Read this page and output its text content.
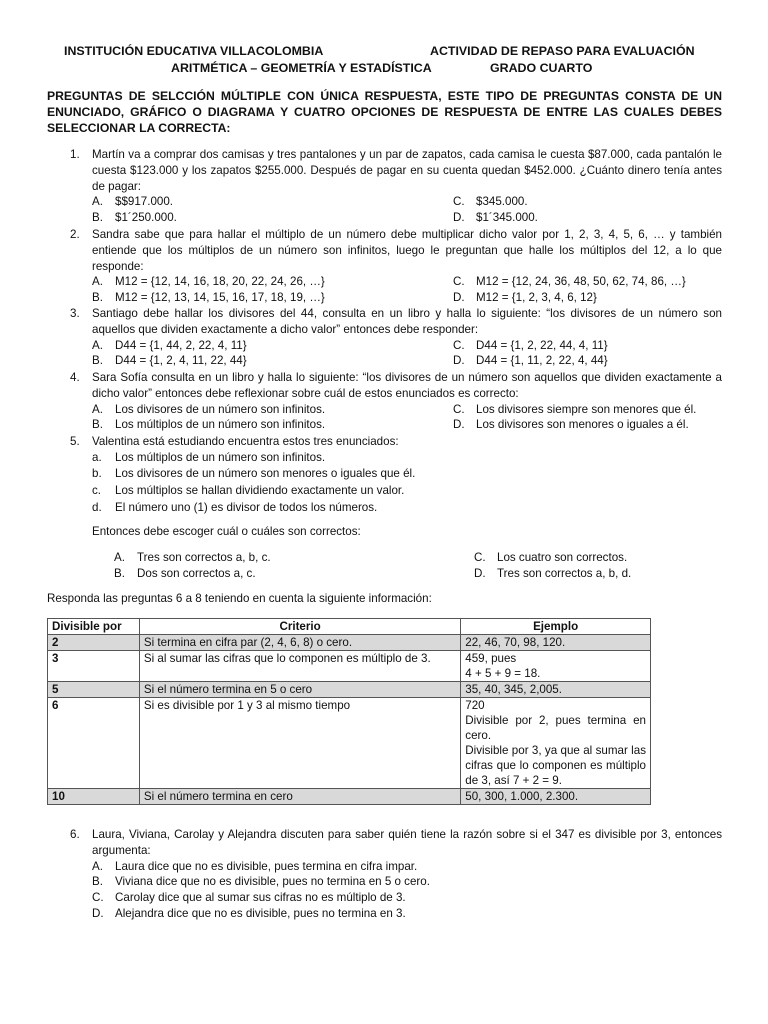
INSTITUCIÓN EDUCATIVA VILLACOLOMBIA	ACTIVIDAD DE REPASO PARA EVALUACIÓN
ARITMÉTICA – GEOMETRÍA Y ESTADÍSTICA	GRADO CUARTO
PREGUNTAS DE SELCCIÓN MÚLTIPLE CON ÚNICA RESPUESTA, ESTE TIPO DE PREGUNTAS CONSTA DE UN ENUNCIADO, GRÁFICO O DIAGRAMA Y CUATRO OPCIONES DE RESPUESTA DE ENTRE LAS CUALES DEBES SELECCIONAR LA CORRECTA:
1. Martín va a comprar dos camisas y tres pantalones y un par de zapatos, cada camisa le cuesta $87.000, cada pantalón le cuesta $123.000 y los zapatos $255.000. Después de pagar en su cuenta quedan $452.000. ¿Cuánto dinero tenía antes de pagar:
A.	$$917.000.	C. $345.000.
B.	$1´250.000.	D. $1´345.000.
2. Sandra sabe que para hallar el múltiplo de un número debe multiplicar dicho valor por 1, 2, 3, 4, 5, 6, … y también entiende que los múltiplos de un número son infinitos, luego le preguntan que halle los múltiplos del 12, a lo que responde:
A.	M12 = {12, 14, 16, 18, 20, 22, 24, 26, …}	C. M12 = {12, 24, 36, 48, 50, 62, 74, 86, …}
B.	M12 = {12, 13, 14, 15, 16, 17, 18, 19, …}	D. M12 = {1, 2, 3, 4, 6, 12}
3. Santiago debe hallar los divisores del 44, consulta en un libro y halla lo siguiente: “los divisores de un número son aquellos que dividen exactamente a dicho valor” entonces debe responder:
A.	D44 = {1, 44, 2, 22, 4, 11}	C. D44 = {1, 2, 22, 44, 4, 11}
B.	D44 = {1, 2, 4, 11, 22, 44}	D. D44 = {1, 11, 2, 22, 4, 44}
4. Sara Sofía consulta en un libro y halla lo siguiente: “los divisores de un número son aquellos que dividen exactamente a dicho valor” entonces debe reflexionar sobre cuál de estos enunciados es correcto:
A.	Los divisores de un número son infinitos.	C. Los divisores siempre son menores que él.
B.	Los múltiplos de un número son infinitos.	D. Los divisores son menores o iguales a él.
5. Valentina está estudiando encuentra estos tres enunciados:
a.	Los múltiplos de un número son infinitos.
b.	Los divisores de un número son menores o iguales que él.
c.	Los múltiplos se hallan dividiendo exactamente un valor.
d.	El número uno (1) es divisor de todos los números.
Entonces debe escoger cuál o cuáles son correctos:
A.	Tres son correctos a, b, c.	C. Los cuatro son correctos.
B.	Dos son correctos a, c.	D. Tres son correctos a, b, d.
Responda las preguntas 6 a 8 teniendo en cuenta la siguiente información:
Divisible por	Criterio	Ejemplo
2	Si termina en cifra par (2, 4, 6, 8) o cero.	22, 46, 70, 98, 120.
3	Si al sumar las cifras que lo componen es múltiplo de 3.	459, pues
4 + 5 + 9 = 18.

5	Si el número termina en 5 o cero	35, 40, 345, 2,005.
6	Si es divisible por 1 y 3 al mismo tiempo	720
Divisible por 2, pues termina en cero.
Divisible por 3, ya que al sumar las cifras que lo componen es múltiplo de 3, así 7 + 2 = 9.

10	Si el número termina en cero	50, 300, 1.000, 2.300.
6. Laura, Viviana, Carolay y Alejandra discuten para saber quién tiene la razón sobre si el 347 es divisible por 3, entonces argumenta:
A.	Laura dice que no es divisible, pues termina en cifra impar.
B.	Viviana dice que no es divisible, pues no termina en 5 o cero.
C. Carolay dice que al sumar sus cifras no es múltiplo de 3.
D. Alejandra dice que no es divisible, pues no termina en 3.
